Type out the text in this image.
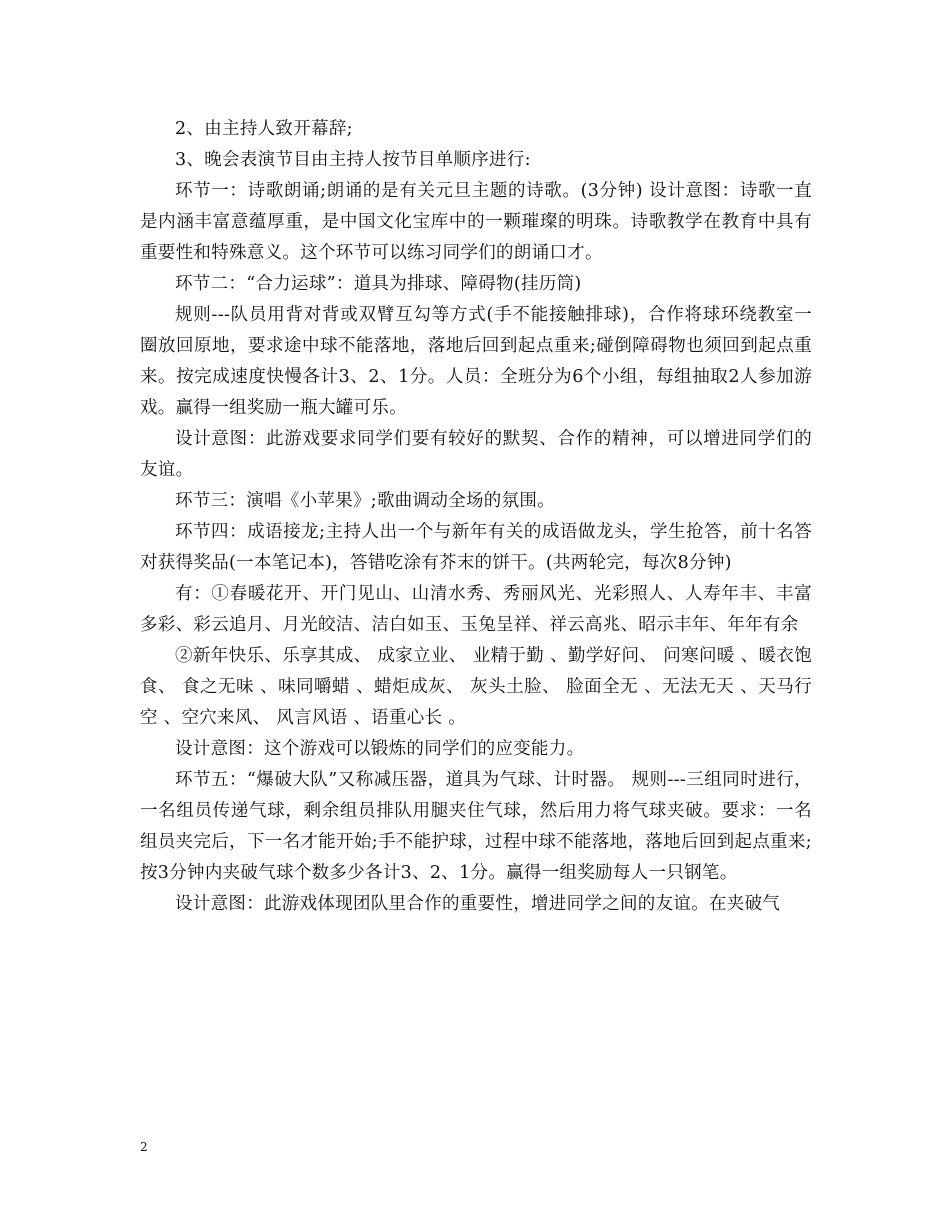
2、由主持人致开幕辞;

3、晚会表演节目由主持人按节目单顺序进行:

环节一：诗歌朗诵;朗诵的是有关元旦主题的诗歌。(3分钟) 设计意图：诗歌一直是内涵丰富意蕴厚重，是中国文化宝库中的一颗璀璨的明珠。诗歌教学在教育中具有重要性和特殊意义。这个环节可以练习同学们的朗诵口才。

环节二：“合力运球”：道具为排球、障碍物(挂历筒)

规则---队员用背对背或双臂互勾等方式(手不能接触排球)，合作将球环绕教室一圈放回原地，要求途中球不能落地，落地后回到起点重来;碰倒障碍物也须回到起点重来。按完成速度快慢各计3、2、1分。人员：全班分为6个小组，每组抽取2人参加游戏。赢得一组奖励一瓶大罐可乐。

设计意图：此游戏要求同学们要有较好的默契、合作的精神，可以增进同学们的友谊。

环节三：演唱《小苹果》;歌曲调动全场的氛围。

环节四：成语接龙;主持人出一个与新年有关的成语做龙头，学生抢答，前十名答对获得奖品(一本笔记本)，答错吃涂有芥末的饼干。(共两轮完，每次8分钟)

有：①春暖花开、开门见山、山清水秀、秀丽风光、光彩照人、人寿年丰、丰富多彩、彩云追月、月光皎洁、洁白如玉、玉兔呈祥、祥云高兆、昭示丰年、年年有余

②新年快乐、乐享其成、 成家立业、 业精于勤 、勤学好问、 问寒问暖 、暖衣饱食、 食之无味 、味同嚼蜡 、蜡炬成灰、 灰头土脸、 脸面全无 、无法无天 、天马行空 、空穴来风、 风言风语 、语重心长 。

设计意图：这个游戏可以锻炼的同学们的应变能力。

环节五：“爆破大队”又称减压器，道具为气球、计时器。 规则---三组同时进行，一名组员传递气球，剩余组员排队用腿夹住气球，然后用力将气球夹破。要求：一名组员夹完后，下一名才能开始;手不能护球，过程中球不能落地，落地后回到起点重来;按3分钟内夹破气球个数多少各计3、2、1分。赢得一组奖励每人一只钢笔。

设计意图：此游戏体现团队里合作的重要性，增进同学之间的友谊。在夹破气

2
